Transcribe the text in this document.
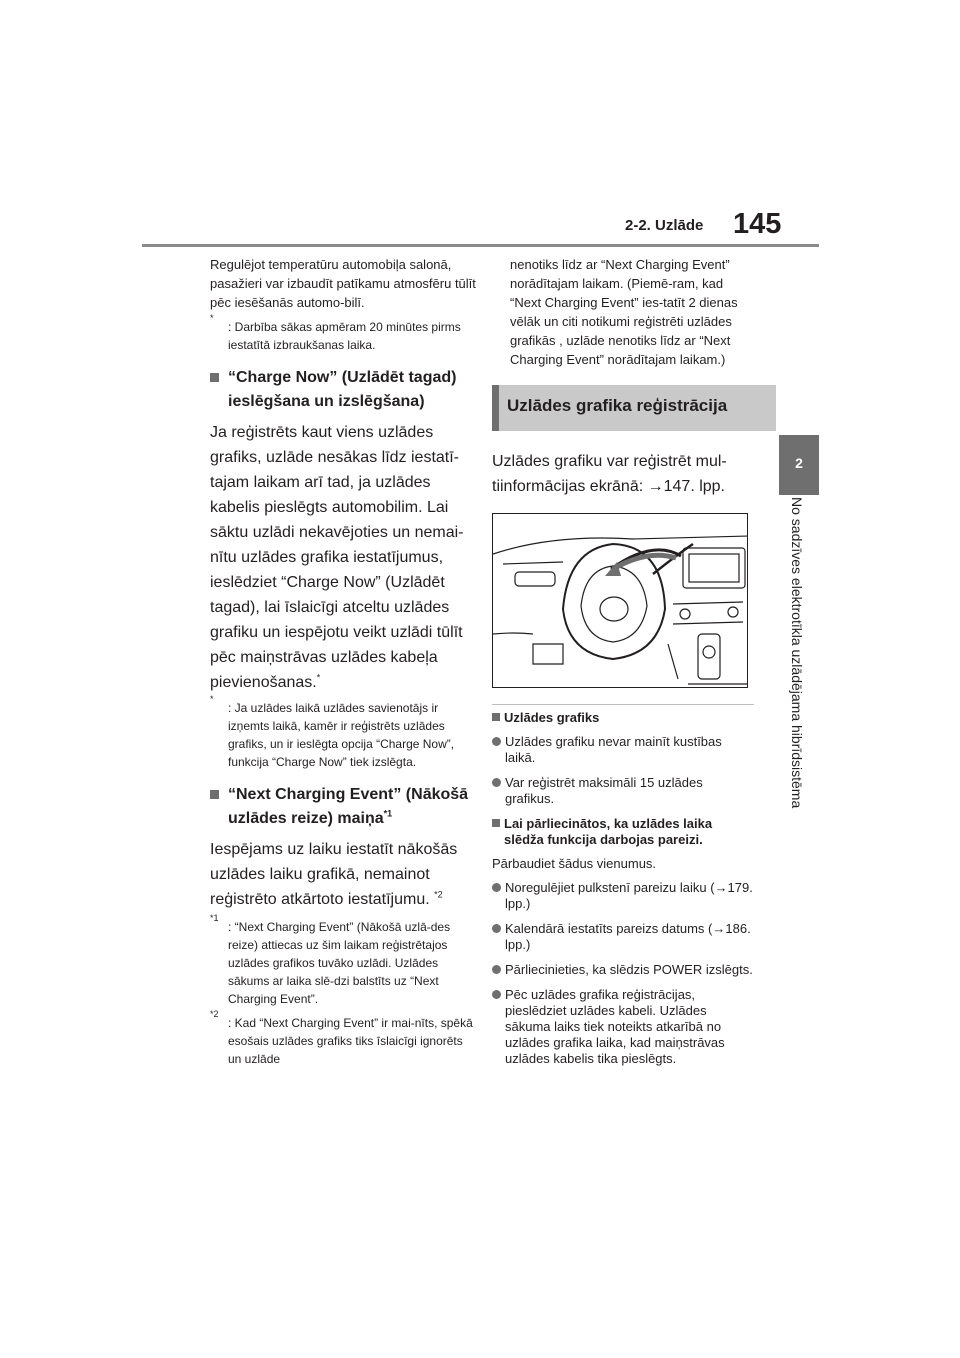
2-2. Uzlāde 145
2
No sadzīves elektrotīkla uzlādējama hibrīdsistēma

Regulējot temperatūru automobiļa salonā, pasažieri var izbaudīt patīkamu atmosfēru tūlīt pēc iesēšanās automo-bilī.

*
: Darbība sākas apmēram 20 minūtes pirms iestatītā izbraukšanas laika.
“Charge Now” (Uzlādēt tagad) ieslēgšana un izslēgšana)

Ja reģistrēts kaut viens uzlādes grafiks, uzlāde nesākas līdz iestatī-tajam laikam arī tad, ja uzlādes kabelis pieslēgts automobilim. Lai sāktu uzlādi nekavējoties un nemai-nītu uzlādes grafika iestatījumus, ieslēdziet “Charge Now” (Uzlādēt tagad), lai īslaicīgi atceltu uzlādes grafiku un iespējotu veikt uzlādi tūlīt pēc maiņstrāvas uzlādes kabeļa pievienošanas.*

*
: Ja uzlādes laikā uzlādes savienotājs ir izņemts laikā, kamēr ir reģistrēts uzlādes grafiks, un ir ieslēgta opcija “Charge Now”, funkcija “Charge Now” tiek izslēgta.
“Next Charging Event” (Nākošā uzlādes reize) maiņa$^{*1}$

Iespējams uz laiku iestatīt nākošās uzlādes laiku grafikā, nemainot reģistrēto atkārtoto iestatījumu. $^{*2}$

*1
: “Next Charging Event” (Nākošā uzlā-des reize) attiecas uz šim laikam reģistrētajos uzlādes grafikos tuvāko uzlādi. Uzlādes sākums ar laika slē-dzi balstīts uz “Next Charging Event”.
*2
: Kad “Next Charging Event” ir mai-nīts, spēkā esošais uzlādes grafiks tiks īslaicīgi ignorēts un uzlāde

nenotiks līdz ar “Next Charging Event” norādītajam laikam. (Piemē-ram, kad “Next Charging Event” ies-tatīt 2 dienas vēlāk un citi notikumi reģistrēti uzlādes grafikās , uzlāde nenotiks līdz ar “Next Charging Event” norādītajam laikam.)

Uzlādes grafika reģistrācija

Uzlādes grafiku var reģistrēt mul-tiinformācijas ekrānā: →147. lpp.

Uzlādes grafiks
Uzlādes grafiku nevar mainīt kustības laikā.
Var reģistrēt maksimāli 15 uzlādes grafikus.
Lai pārliecinātos, ka uzlādes laika slēdža funkcija darbojas pareizi.

Pārbaudiet šādus vienumus.

Noregulējiet pulkstenī pareizu laiku (→179. lpp.)
Kalendārā iestatīts pareizs datums (→186. lpp.)
Pārliecinieties, ka slēdzis POWER izslēgts.
Pēc uzlādes grafika reģistrācijas, pieslēdziet uzlādes kabeli. Uzlādes sākuma laiks tiek noteikts atkarībā no uzlādes grafika laika, kad maiņstrāvas uzlādes kabelis tika pieslēgts.
